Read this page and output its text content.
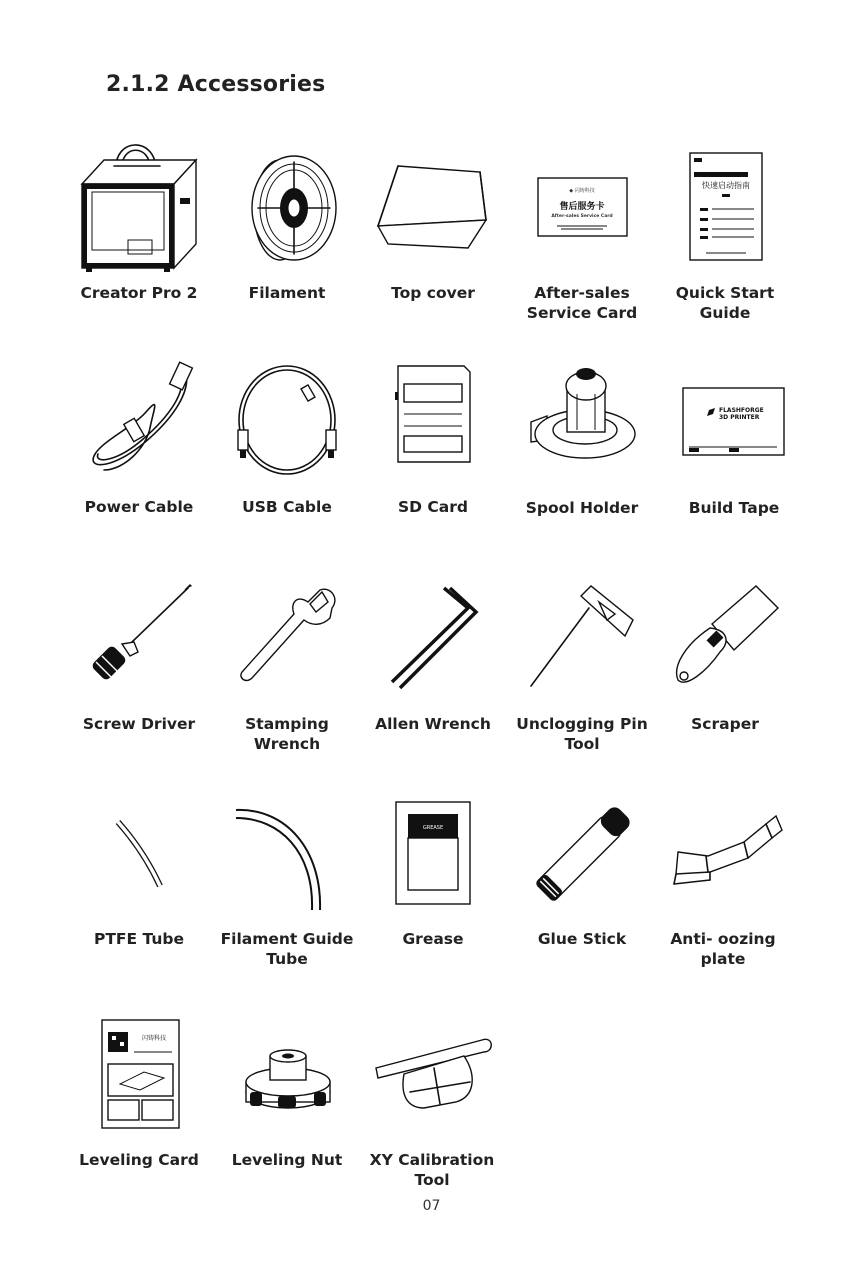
2.1.2 Accessories
Creator Pro 2	Filament	Top cover
◆ 闪铸科技
售后服务卡
After-sales Service Card
After-sales Service Card
快速启动指南
Quick Start Guide
Power Cable	USB Cable	SD Card	Spool Holder
FLASHFORGE
3D PRINTER
Build Tape
Screw Driver	Stamping Wrench
Allen Wrench	Unclogging Pin Tool
Scraper
PTFE Tube	Filament Guide Tube
GREASE
Grease	Glue Stick	Anti- oozing plate
闪铸科技
Leveling Card	Leveling Nut	XY Calibration Tool
07
